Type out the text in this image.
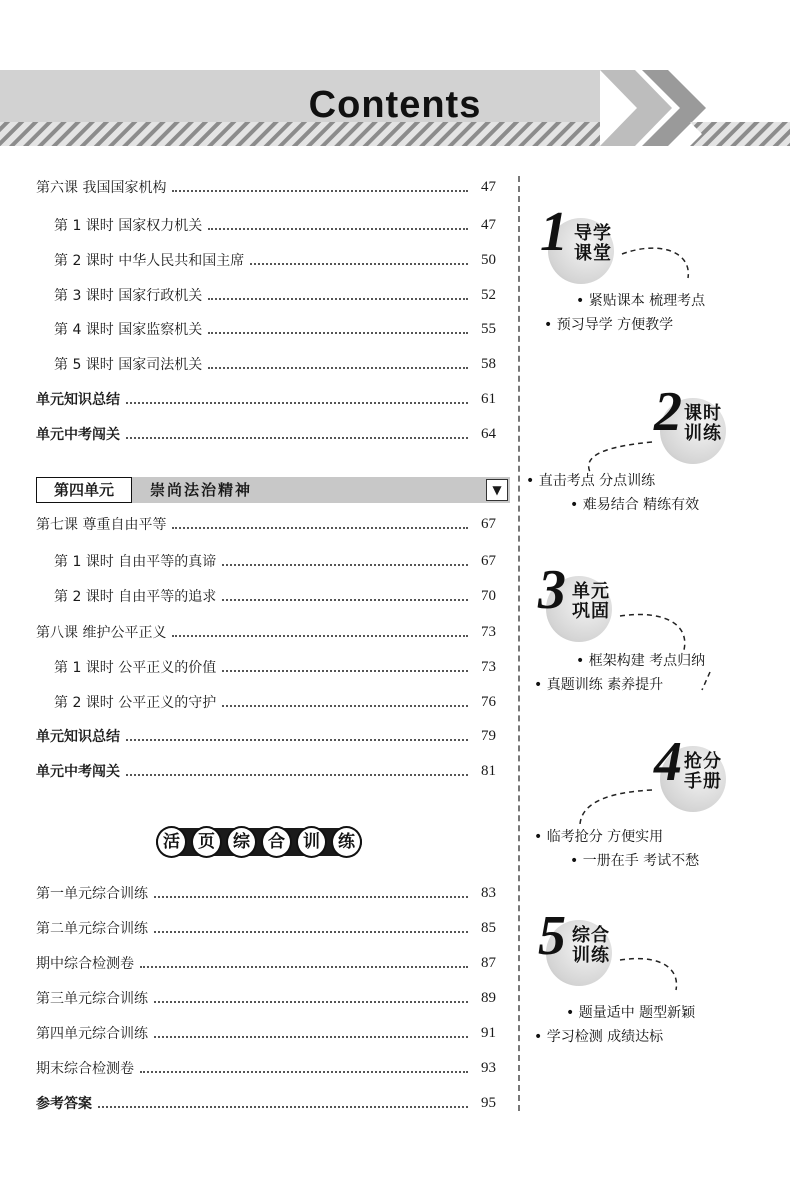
Contents
第六课 我国国家机构	47
第 1 课时 国家权力机关	47
第 2 课时 中华人民共和国主席	50
第 3 课时 国家行政机关	52
第 4 课时 国家监察机关	55
第 5 课时 国家司法机关	58
单元知识总结	61
单元中考闯关	64
第四单元	崇尚法治精神	▼
第七课 尊重自由平等	67
第 1 课时 自由平等的真谛	67
第 2 课时 自由平等的追求	70
第八课 维护公平正义	73
第 1 课时 公平正义的价值	73
第 2 课时 公平正义的守护	76
单元知识总结	79
单元中考闯关	81
活	页	综	合	训	练
第一单元综合训练	83
第二单元综合训练	85
期中综合检测卷	87
第三单元综合训练	89
第四单元综合训练	91
期末综合检测卷	93
参考答案	95
1 导学课堂
• 紧贴课本 梳理考点
• 预习导学 方便教学
2 课时训练
• 直击考点 分点训练
• 难易结合 精练有效
3 单元巩固
• 框架构建 考点归纳
• 真题训练 素养提升
4 抢分手册
• 临考抢分 方便实用
• 一册在手 考试不愁
5 综合训练
• 题量适中 题型新颖
• 学习检测 成绩达标
